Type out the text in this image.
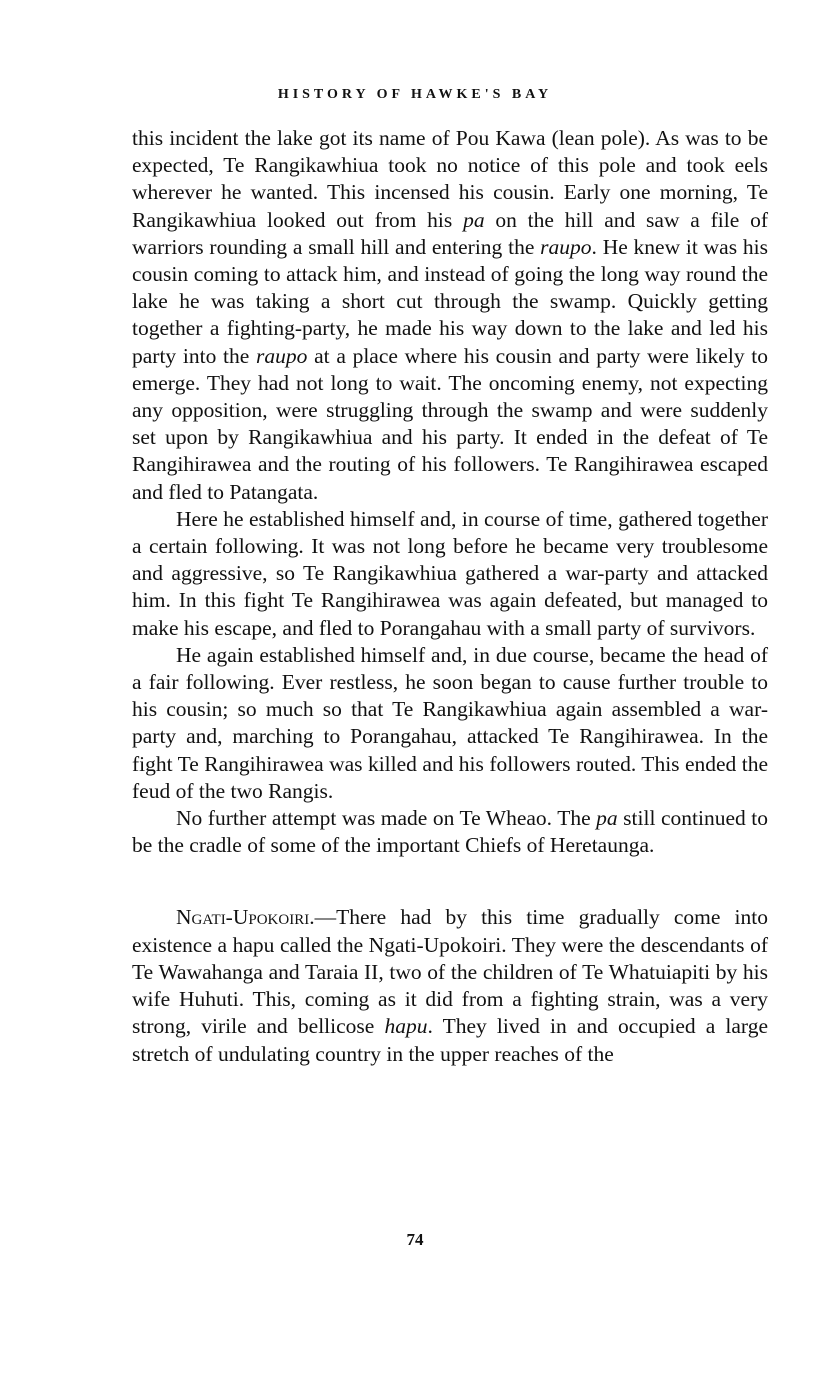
HISTORY OF HAWKE'S BAY

this incident the lake got its name of Pou Kawa (lean pole). As was to be expected, Te Rangikawhiua took no notice of this pole and took eels wherever he wanted. This incensed his cousin. Early one morning, Te Rangikawhiua looked out from his pa on the hill and saw a file of warriors rounding a small hill and entering the raupo. He knew it was his cousin coming to attack him, and instead of going the long way round the lake he was taking a short cut through the swamp. Quickly getting together a fighting-party, he made his way down to the lake and led his party into the raupo at a place where his cousin and party were likely to emerge. They had not long to wait. The oncoming enemy, not expecting any opposition, were struggling through the swamp and were suddenly set upon by Rangikawhiua and his party. It ended in the defeat of Te Rangihirawea and the routing of his followers. Te Rangihirawea escaped and fled to Patangata.

Here he established himself and, in course of time, gathered together a certain following. It was not long before he became very troublesome and aggressive, so Te Rangikawhiua gathered a war-party and attacked him. In this fight Te Rangihirawea was again defeated, but managed to make his escape, and fled to Porangahau with a small party of survivors.

He again established himself and, in due course, became the head of a fair following. Ever restless, he soon began to cause further trouble to his cousin; so much so that Te Rangikawhiua again assembled a war-party and, marching to Porangahau, attacked Te Rangihirawea. In the fight Te Rangihirawea was killed and his followers routed. This ended the feud of the two Rangis.

No further attempt was made on Te Wheao. The pa still continued to be the cradle of some of the important Chiefs of Heretaunga.

Ngati-Upokoiri.—There had by this time gradually come into existence a hapu called the Ngati-Upokoiri. They were the descendants of Te Wawahanga and Taraia II, two of the children of Te Whatuiapiti by his wife Huhuti. This, coming as it did from a fighting strain, was a very strong, virile and bellicose hapu. They lived in and occupied a large stretch of undulating country in the upper reaches of the

74
